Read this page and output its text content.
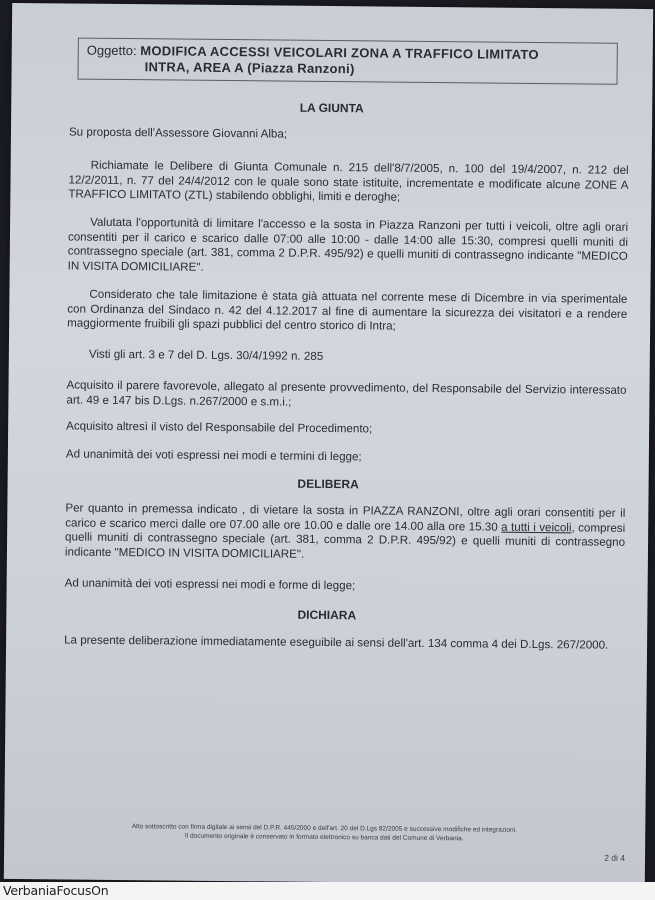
Oggetto: MODIFICA ACCESSI VEICOLARI ZONA A TRAFFICO LIMITATO
INTRA, AREA A (Piazza Ranzoni)
LA GIUNTA
Su proposta dell'Assessore Giovanni Alba;
Richiamate le Delibere di Giunta Comunale n. 215 dell'8/7/2005, n. 100 del 19/4/2007, n. 212 del 12/2/2011, n. 77 del 24/4/2012 con le quale sono state istituite, incrementate e modificate alcune ZONE A TRAFFICO LIMITATO (ZTL) stabilendo obblighi, limiti e deroghe;
Valutata l'opportunità di limitare l'accesso e la sosta in Piazza Ranzoni per tutti i veicoli, oltre agli orari consentiti per il carico e scarico dalle 07:00 alle 10:00 - dalle 14:00 alle 15:30, compresi quelli muniti di contrassegno speciale (art. 381, comma 2 D.P.R. 495/92) e quelli muniti di contrassegno indicante "MEDICO IN VISITA DOMICILIARE".
Considerato che tale limitazione è stata già attuata nel corrente mese di Dicembre in via sperimentale con Ordinanza del Sindaco n. 42 del 4.12.2017 al fine di aumentare la sicurezza dei visitatori e a rendere maggiormente fruibili gli spazi pubblici del centro storico di Intra;
Visti gli art. 3 e 7 del D. Lgs. 30/4/1992 n. 285
Acquisito il parere favorevole, allegato al presente provvedimento, del Responsabile del Servizio interessato art. 49 e 147 bis D.Lgs. n.267/2000 e s.m.i.;
Acquisito altresì il visto del Responsabile del Procedimento;
Ad unanimità dei voti espressi nei modi e termini di legge;
DELIBERA
Per quanto in premessa indicato , di vietare la sosta in PIAZZA RANZONI, oltre agli orari consentiti per il carico e scarico merci dalle ore 07.00 alle ore 10.00 e dalle ore 14.00 alla ore 15.30 a tutti i veicoli, compresi quelli muniti di contrassegno speciale (art. 381, comma 2 D.P.R. 495/92) e quelli muniti di contrassegno indicante "MEDICO IN VISITA DOMICILIARE".
Ad unanimità dei voti espressi nei modi e forme di legge;
DICHIARA
La presente deliberazione immediatamente eseguibile ai sensi dell'art. 134 comma 4 dei D.Lgs. 267/2000.
Atto sottoscritto con firma digitale ai sensi del D.P.R. 445/2000 e dell'art. 20 del D.Lgs 82/2005 e successive modifiche ed integrazioni.
Il documento originale è conservato in formato elettronico su banca dati del Comune di Verbania.
2 di 4
VerbaniaFocusOn
